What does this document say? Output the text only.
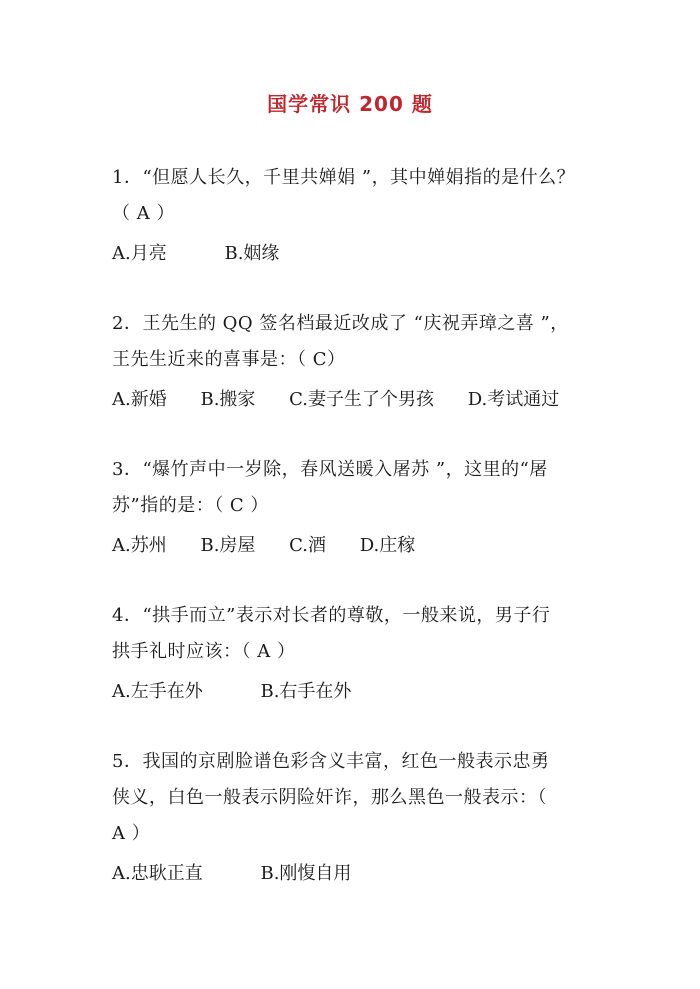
国学常识 200 题
1．“但愿人长久，千里共婵娟 ”，其中婵娟指的是什么？
（ A ）
A.月亮	B.姻缘
2．王先生的 QQ 签名档最近改成了 “庆祝弄璋之喜 ”，
王先生近来的喜事是：（ C）
A.新婚 B.搬家 C.妻子生了个男孩 D.考试通过
3．“爆竹声中一岁除，春风送暖入屠苏 ”，这里的“屠
苏”指的是：（ C ）
A.苏州 B.房屋 C.酒 D.庄稼
4．“拱手而立”表示对长者的尊敬，一般来说，男子行
拱手礼时应该：（ A ）
A.左手在外	B.右手在外
5．我国的京剧脸谱色彩含义丰富，红色一般表示忠勇
侠义，白色一般表示阴险奸诈，那么黑色一般表示：（
A ）
A.忠耿正直	B.刚愎自用
